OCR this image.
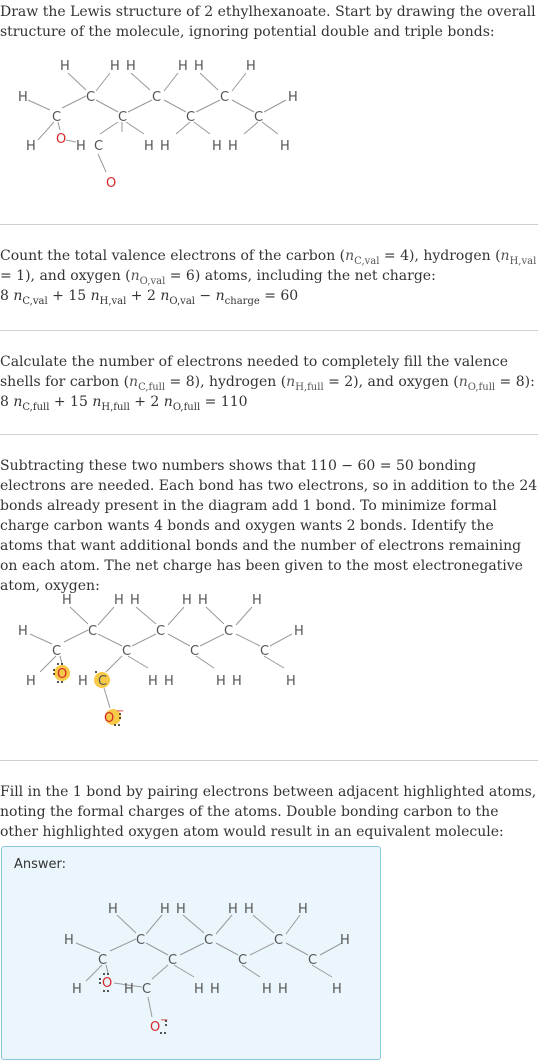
Draw the Lewis structure of 2 ethylhexanoate. Start by drawing the overall structure of the molecule, ignoring potential double and triple bonds:

H	H H	H H	H
H	C	C	C	H
C	C	C	C
O H C
H	H H	H H	H
O

Count the total valence electrons of the carbon $(n_{C,val} = 4)$, hydrogen $(n_{H,val} = 1)$, and oxygen $(n_{O,val} = 6)$ atoms, including the net charge:

8 $n_{C,val} + 15$ $n_{H,val} + 2$ $n_{O,val} - n_{charge} = 60$

Calculate the number of electrons needed to completely fill the valence shells for carbon $(n_{C,full} = 8)$, hydrogen $(n_{H,full} = 2)$, and oxygen $(n_{O,full} = 8)$:

8 $n_{C,full} + 15$ $n_{H,full} + 2$ $n_{O,full} = 110$

Subtracting these two numbers shows that 110 − 60 = 50 bonding electrons are needed. Each bond has two electrons, so in addition to the 24 bonds already present in the diagram add 1 bond. To minimize formal charge carbon wants 4 bonds and oxygen wants 2 bonds. Identify the atoms that want additional bonds and the number of electrons remaining on each atom. The net charge has been given to the most electronegative atom, oxygen:

H	H H	H H	H
H	C	C	C	H
C	C	C	C
O H C
H	H H	H H	H
O −

Fill in the 1 bond by pairing electrons between adjacent highlighted atoms, noting the formal charges of the atoms. Double bonding carbon to the other highlighted oxygen atom would result in an equivalent molecule:

Answer:
H	H H	H H	H
H	C	C	C	H
C	C	C	C
O H C
H	H H	H H	H
O −
